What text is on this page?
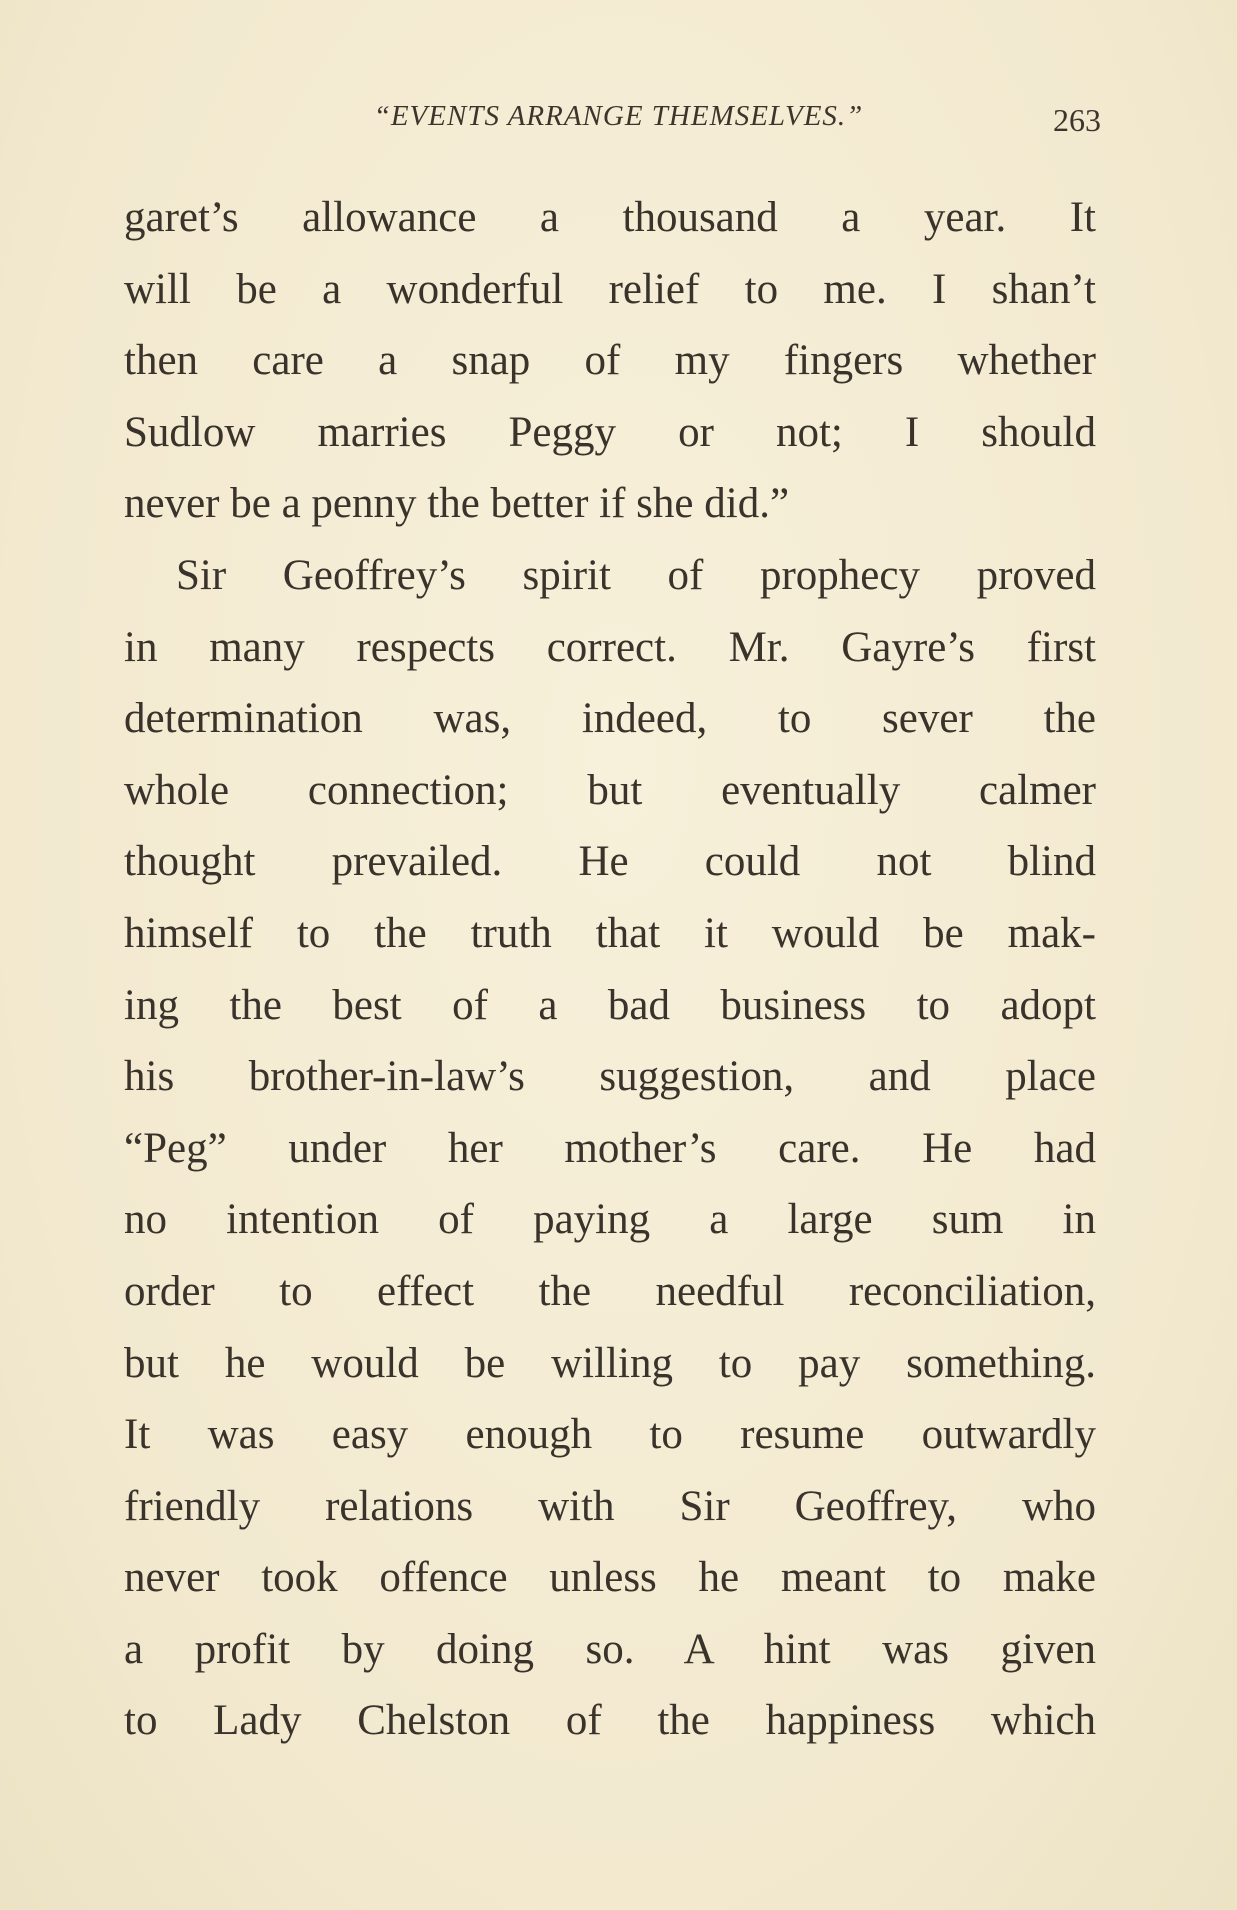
“EVENTS ARRANGE THEMSELVES.”	263
garet’s allowance a thousand a year. It
will be a wonderful relief to me. I shan’t
then care a snap of my fingers whether
Sudlow marries Peggy or not; I should
never be a penny the better if she did.”
Sir Geoffrey’s spirit of prophecy proved
in many respects correct. Mr. Gayre’s first
determination was, indeed, to sever the
whole connection; but eventually calmer
thought prevailed. He could not blind
himself to the truth that it would be mak-
ing the best of a bad business to adopt
his brother-in-law’s suggestion, and place
“Peg” under her mother’s care. He had
no intention of paying a large sum in
order to effect the needful reconciliation,
but he would be willing to pay something.
It was easy enough to resume outwardly
friendly relations with Sir Geoffrey, who
never took offence unless he meant to make
a profit by doing so. A hint was given
to Lady Chelston of the happiness which
